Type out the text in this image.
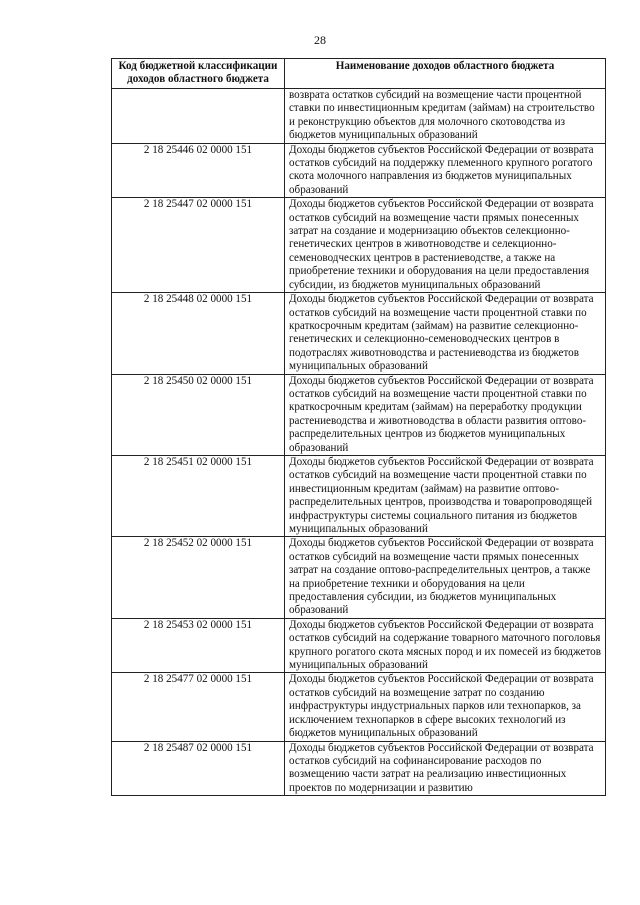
28
Код бюджетной классификации доходов областного бюджета	Наименование доходов областного бюджета
	возврата остатков субсидий на возмещение части процентной ставки по инвестиционным кредитам (займам) на строительство и реконструкцию объектов для молочного скотоводства из бюджетов муниципальных образований
2 18 25446 02 0000 151	Доходы бюджетов субъектов Российской Федерации от возврата остатков субсидий на поддержку племенного крупного рогатого скота молочного направления из бюджетов муниципальных образований
2 18 25447 02 0000 151	Доходы бюджетов субъектов Российской Федерации от возврата остатков субсидий на возмещение части прямых понесенных затрат на создание и модернизацию объектов селекционно-генетических центров в животноводстве и селекционно-семеноводческих центров в растениеводстве, а также на приобретение техники и оборудования на цели предоставления субсидии, из бюджетов муниципальных образований
2 18 25448 02 0000 151	Доходы бюджетов субъектов Российской Федерации от возврата остатков субсидий на возмещение части процентной ставки по краткосрочным кредитам (займам) на развитие селекционно-генетических и селекционно-семеноводческих центров в подотраслях животноводства и растениеводства из бюджетов муниципальных образований
2 18 25450 02 0000 151	Доходы бюджетов субъектов Российской Федерации от возврата остатков субсидий на возмещение части процентной ставки по краткосрочным кредитам (займам) на переработку продукции растениеводства и животноводства в области развития оптово-распределительных центров из бюджетов муниципальных образований
2 18 25451 02 0000 151	Доходы бюджетов субъектов Российской Федерации от возврата остатков субсидий на возмещение части процентной ставки по инвестиционным кредитам (займам) на развитие оптово-распределительных центров, производства и товаропроводящей инфраструктуры системы социального питания из бюджетов муниципальных образований
2 18 25452 02 0000 151	Доходы бюджетов субъектов Российской Федерации от возврата остатков субсидий на возмещение части прямых понесенных затрат на создание оптово-распределительных центров, а также на приобретение техники и оборудования на цели предоставления субсидии, из бюджетов муниципальных образований
2 18 25453 02 0000 151	Доходы бюджетов субъектов Российской Федерации от возврата остатков субсидий на содержание товарного маточного поголовья крупного рогатого скота мясных пород и их помесей из бюджетов муниципальных образований
2 18 25477 02 0000 151	Доходы бюджетов субъектов Российской Федерации от возврата остатков субсидий на возмещение затрат по созданию инфраструктуры индустриальных парков или технопарков, за исключением технопарков в сфере высоких технологий из бюджетов муниципальных образований
2 18 25487 02 0000 151	Доходы бюджетов субъектов Российской Федерации от возврата остатков субсидий на софинансирование расходов по возмещению части затрат на реализацию инвестиционных проектов по модернизации и развитию
